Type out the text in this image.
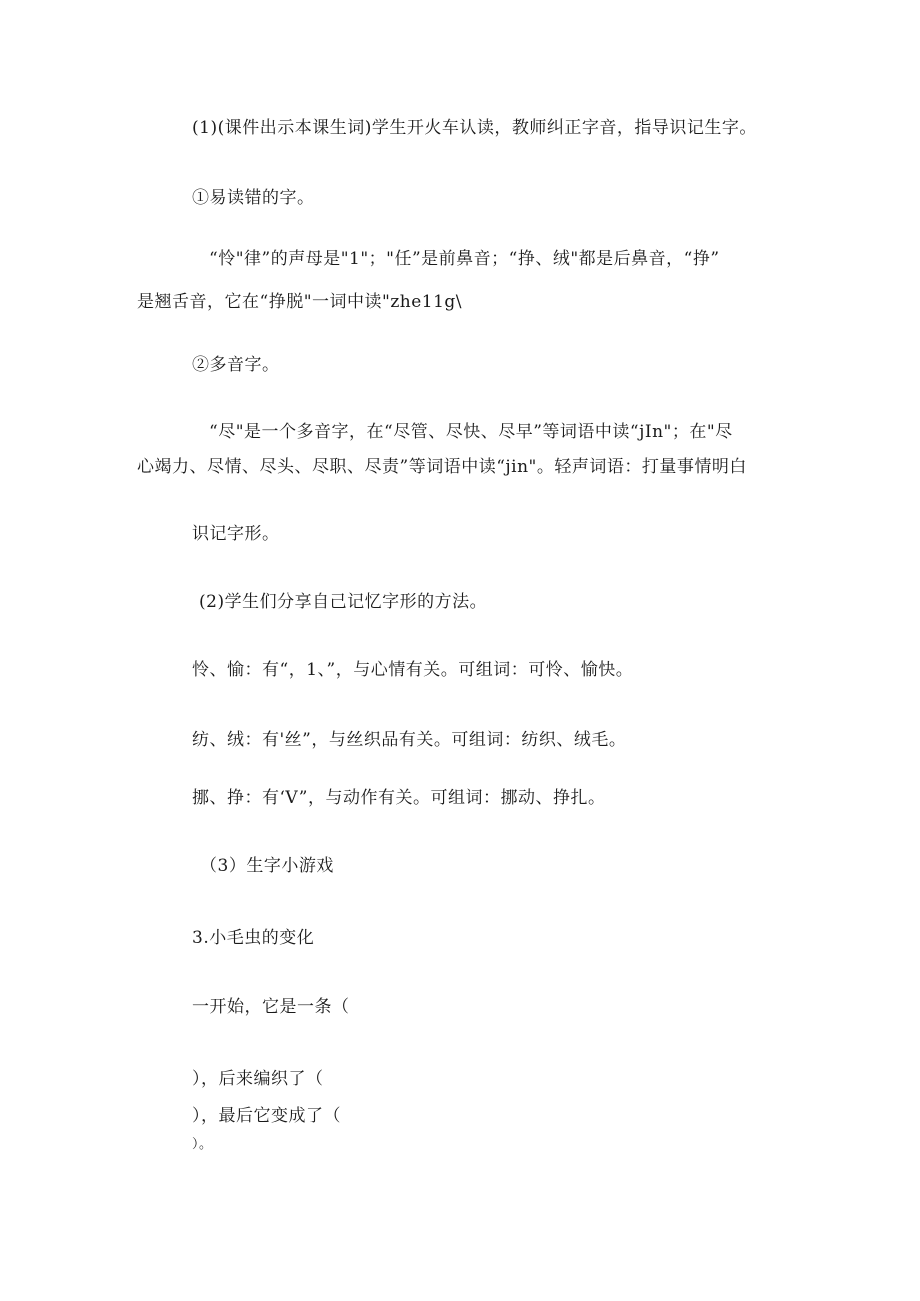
(1)(课件出示本课生词)学生开火车认读，教师纠正字音，指导识记生字。

①易读错的字。

“怜"律”的声母是"1"；"任”是前鼻音；“挣、绒"都是后鼻音，“挣”

是翘舌音，它在“挣脱"一词中读"zhe11g\

②多音字。

“尽"是一个多音字，在“尽管、尽快、尽早”等词语中读“jIn"；在"尽

心竭力、尽情、尽头、尽职、尽责”等词语中读“jin"。轻声词语：打量事情明白

识记字形。

(2)学生们分享自己记忆字形的方法。

怜、愉：有“，1、”，与心情有关。可组词：可怜、愉快。

纺、绒：有'丝”，与丝织品有关。可组词：纺织、绒毛。

挪、挣：有‘V”，与动作有关。可组词：挪动、挣扎。

（3）生字小游戏

3.小毛虫的变化

一开始，它是一条（

），后来编织了（

），最后它变成了（

）。
